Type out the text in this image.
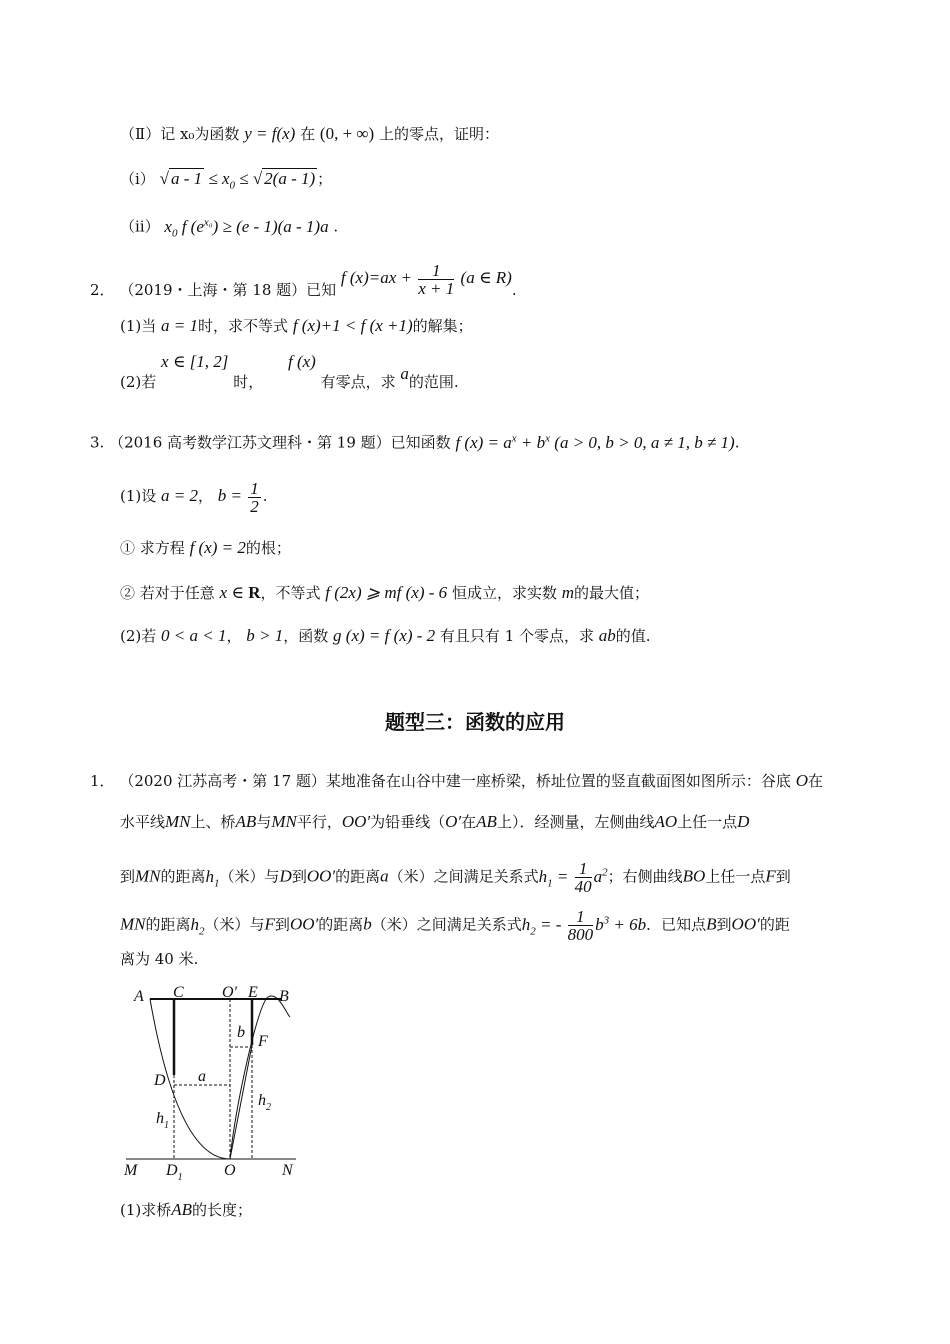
（Ⅱ）记 x₀为函数 y = f(x) 在 (0, + ∞) 上的零点，证明：
（ⅰ） √ $a - 1 \le x_0$ ≤ √ 2(a - 1) ；
（ⅱ） $x_0$ f $(e^{x_0}) \ge (e - 1)(a - 1)a$ .
2． （2019・上海・第 18 题）已知 f $(x)=ax + \frac{1}{x + 1} (a$ ∈ R).
(1)当 a = 1时，求不等式 f (x)+1 < f (x +1)的解集；
(2)若 x ∈ [1, 2] 时， f (x) 有零点，求 a的范围.
3. （2016 高考数学江苏文理科・第 19 题）已知函数 f $(x) = a^x + b^x$ (a > 0, b > 0, a ≠ 1, b ≠ 1).
(1)设 a = 2， $b = \frac{1}{2}$ .
① 求方程 f (x) = 2的根；
② 若对于任意 x ∈ R，不等式 f (2x) ⩾ mf (x) - 6 恒成立，求实数 m的最大值；
(2)若 0 < a < 1， b > 1，函数 g (x) = f (x) - 2 有且只有 1 个零点，求 ab的值.
题型三：函数的应用
1． （2020 江苏高考・第 17 题）某地准备在山谷中建一座桥梁，桥址位置的竖直截面图如图所示：谷底 O在
水平线MN上、桥AB与MN平行，OO′为铅垂线（O′在AB上）．经测量，左侧曲线AO上任一点D
到MN的距离$h_1$（米）与D到OO′的距离a（米）之间满足关系式$h_1 = \frac{1}{40} a^2$；右侧曲线BO上任一点F到
MN的距离$h_2$（米）与F到OO′的距离b（米）之间满足关系式$h_2$ = - $\frac{1}{800} b^3 + 6b$．已知点B到OO′的距
离为 40 米.
A C O′ E B
b
F
D a
$h_1$
$h_2$
M $D_1$	O	N
(1)求桥AB的长度；
